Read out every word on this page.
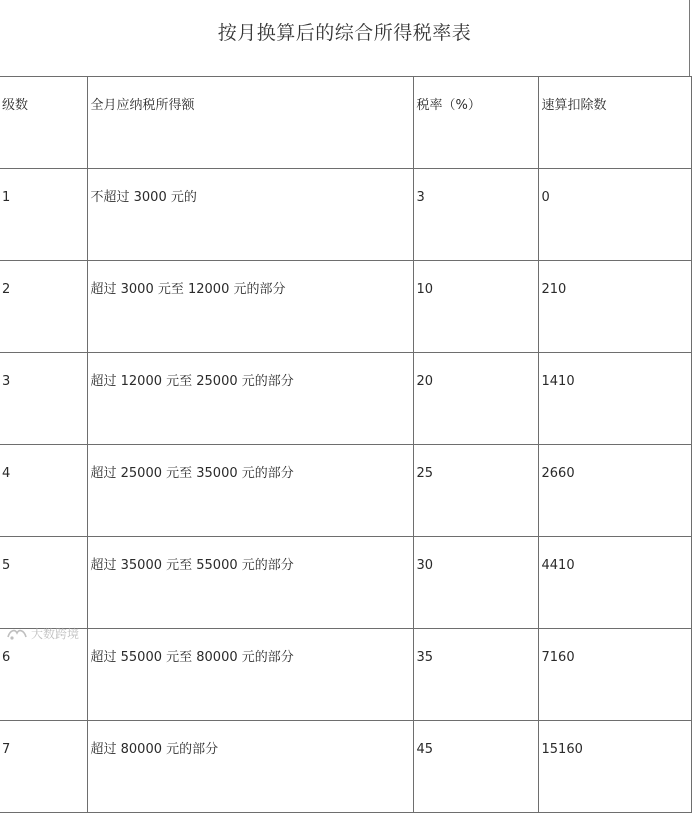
按月换算后的综合所得税率表
级数	全月应纳税所得额	税率（%）	速算扣除数
1	不超过 3000 元的	3	0
2	超过 3000 元至 12000 元的部分	10	210
3	超过 12000 元至 25000 元的部分	20	1410
4	超过 25000 元至 35000 元的部分	25	2660
5	超过 35000 元至 55000 元的部分	30	4410
6	超过 55000 元至 80000 元的部分	35	7160
7	超过 80000 元的部分	45	15160
大数跨境
